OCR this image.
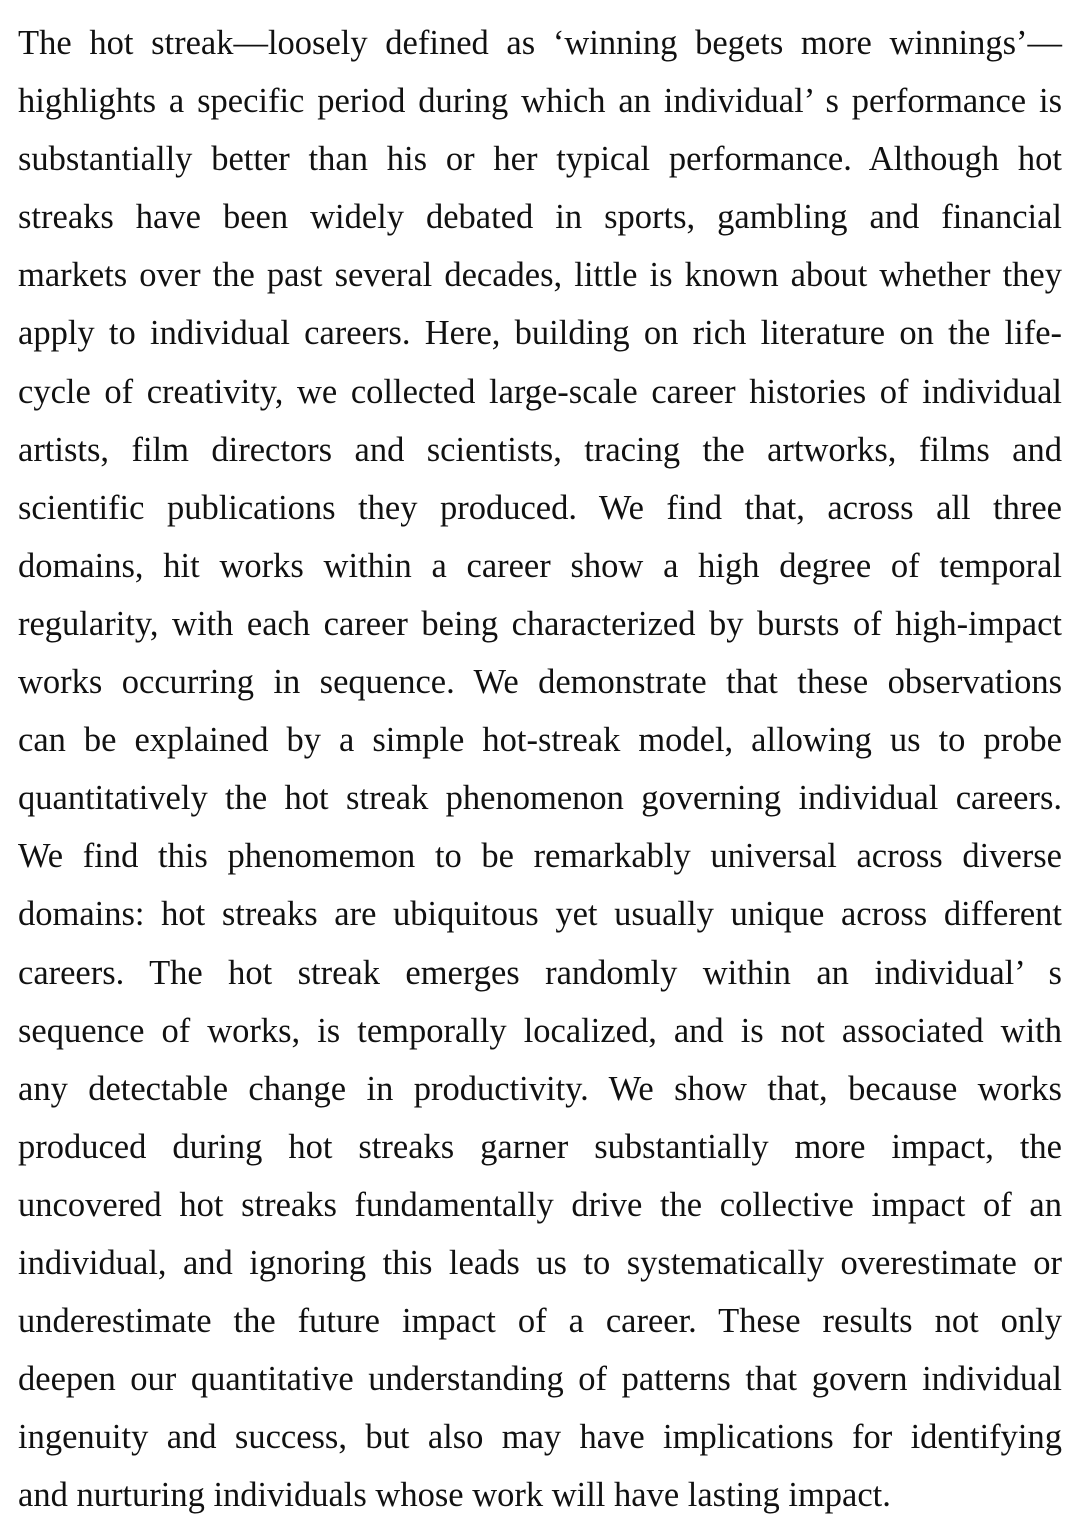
The hot streak—loosely defined as ‘winning begets more winnings’—
highlights a specific period during which an individual’ s performance is
substantially better than his or her typical performance. Although hot
streaks have been widely debated in sports, gambling and financial
markets over the past several decades, little is known about whether they
apply to individual careers. Here, building on rich literature on the life-
cycle of creativity, we collected large-scale career histories of individual
artists, film directors and scientists, tracing the artworks, films and
scientific publications they produced. We find that, across all three
domains, hit works within a career show a high degree of temporal
regularity, with each career being characterized by bursts of high-impact
works occurring in sequence. We demonstrate that these observations
can be explained by a simple hot-streak model, allowing us to probe
quantitatively the hot streak phenomenon governing individual careers.
We find this phenomemon to be remarkably universal across diverse
domains: hot streaks are ubiquitous yet usually unique across different
careers. The hot streak emerges randomly within an individual’ s
sequence of works, is temporally localized, and is not associated with
any detectable change in productivity. We show that, because works
produced during hot streaks garner substantially more impact, the
uncovered hot streaks fundamentally drive the collective impact of an
individual, and ignoring this leads us to systematically overestimate or
underestimate the future impact of a career. These results not only
deepen our quantitative understanding of patterns that govern individual
ingenuity and success, but also may have implications for identifying
and nurturing individuals whose work will have lasting impact.
